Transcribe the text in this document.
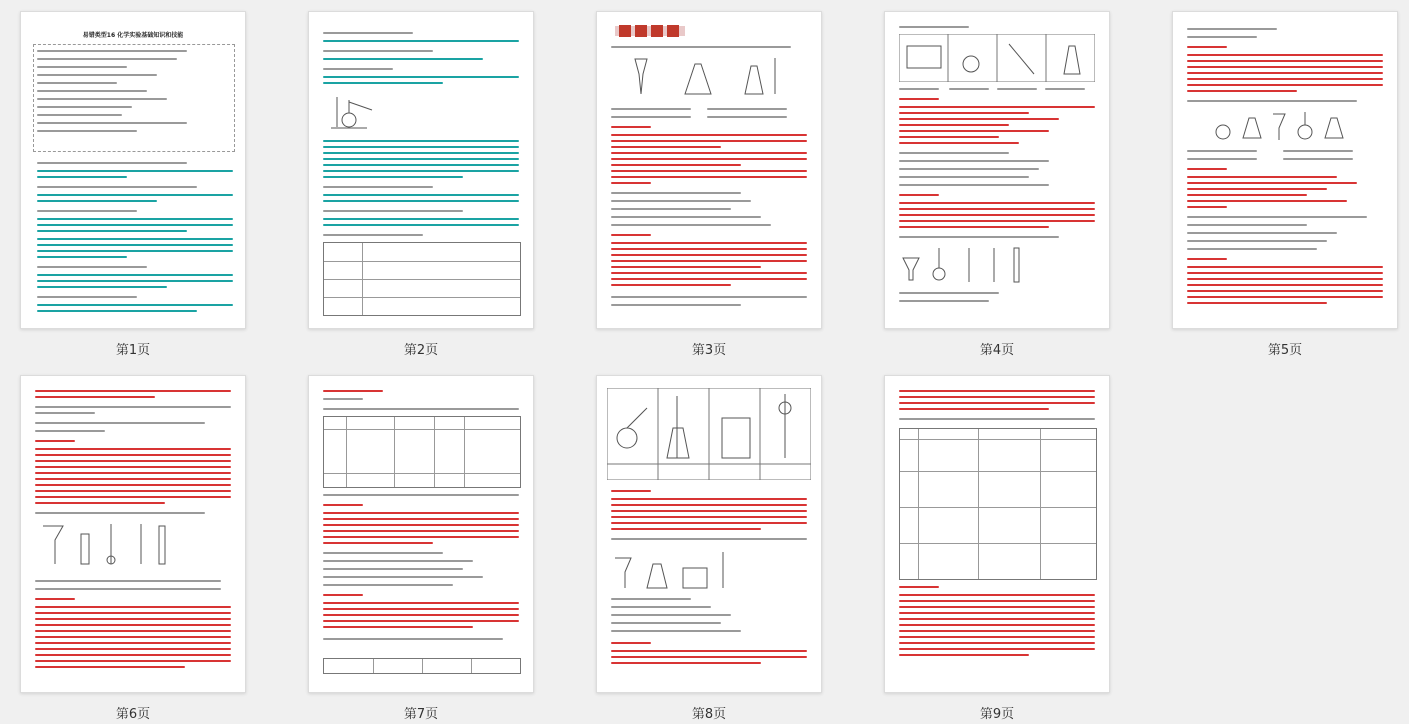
易错类型16 化学实验基础知识和技能
第1页	第2页	第3页	第4页	第5页
第6页	第7页	第8页	第9页
